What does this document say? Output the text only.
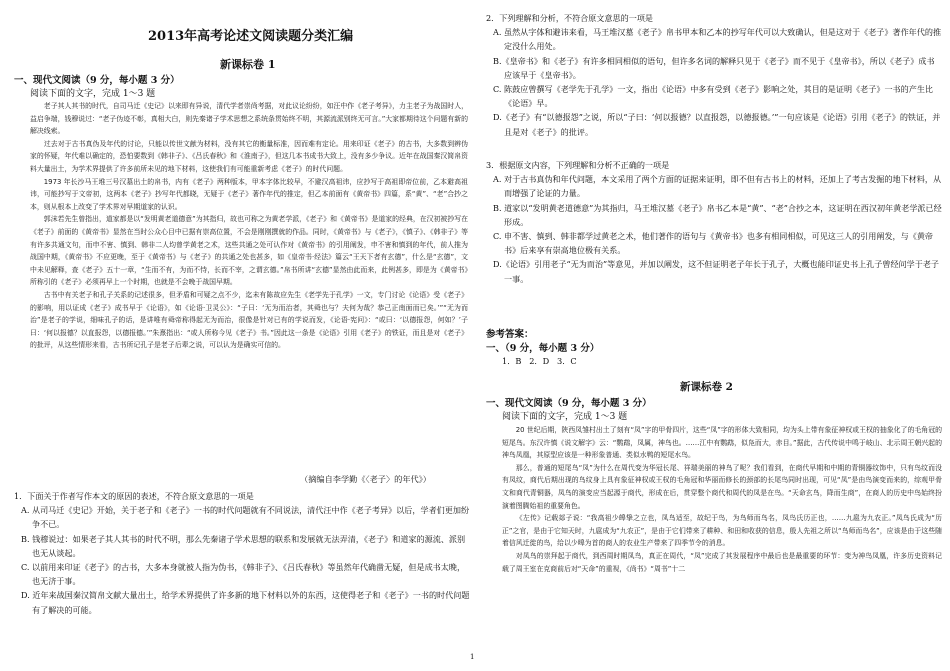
2013年高考论述文阅读题分类汇编
新课标卷 1
一、现代文阅读（9 分，每小题 3 分）
阅读下面的文字，完成 1～3 题

老子其人其书的时代，自司马迁《史记》以来即有异说，清代学者崇尚考据，对此议论纷纷，如汪中作《老子考异》，力主老子为战国时人，益启争端，钱穆说过：“老子伪迹不彰，真相大白，则先秦诸子学术思想之系统条贯始终不明，其源流派别终无可言。”大家都期待这个问题有新的解决线索。

过去对于古书真伪及年代的讨论，只能以传世文献为材料，没有其它的衡量标准，因而难有定论。用来印证《老子》的古书，大多数到辨伪家的怀疑，年代难以确定的，恐怕要数到《韩非子》、《吕氏春秋》和《淮南子》，但这几本书成书大致上，没有多少争议。近年在战国秦汉简帛资料大量出土，为学术界提供了许多前所未见的地下材料，这使我们有可能重新考虑《老子》的时代问题。

1973 年长沙马王堆三号汉墓出土的帛书，内有《老子》两种版本，甲本字体比较早，不避汉高祖讳，应抄写于高祖即帝位前，乙本避高祖讳，可能抄写于文帝初，这两本《老子》抄写年代都晓，无疑于《老子》著作年代的推定，但乙本前面有《黄帝书》四篇，系“黄”、“老”合抄之本，则从根本上改变了学术界对早期道家的认识。

郭沫若先生曾指出，道家都是以“发明黄老道德意”为其指归，故也可称之为黄老学派，《老子》和《黄帝书》是道家的经典，在汉初被抄写在《老子》前面的《黄帝书》显然在当时公众心目中已据有崇高位置，不会是刚刚撰就的作品。同时，《黄帝书》与《老子》，《慎子》、《韩非子》等有许多共通文句，而申不害、慎到、韩非二人均曾学黄老之术，这些共通之处可认作对《黄帝书》的引用阐发，申不害和慎到的年代，前人推为战国中期，《黄帝书》不应更晚，至于《黄帝书》与《老子》的共通之处也甚多，如《皇帝书·经法》篇云“王天下者有玄德”，什么是“玄德”，文中未见解释，查《老子》五十一章，“生而不有，为而不恃，长而不宰，之谓玄德。”帛书所讲“玄德”显然由此而来，此例甚多，即是为《黄帝书》所称引的《老子》必须再早上一个时期，也就是不会晚于战国早期。

古书中有关老子和孔子关系的记述很多，但矛盾和可疑之点不少，迄未有陈故应先生《老学先于孔学》一文，专门讨论《论语》受《老子》的影响，用以证成《老子》成书早于《论语》，如《论语·卫灵公》：“子曰：‘无为而治者，其舜也与？夫何为哉？恭己正南面而已矣。’”“无为而治”是老子的学说，细味孔子的话，是讲唯有舜帝称得起无为而治，很像是针对已有的学说而发，《论语·宪问》：“或曰：‘以德报怨，何如？’子曰：‘何以报德？以直报怨，以德报德。’”朱熹指出：“或人所称今见《老子》书。”因此这一条是《论语》引用《老子》的铁证，而且是对《老子》的批评，从这些情形来看，古书所记孔子是老子后辈之说，可以认为是确实可信的。

（摘编自李学勤《〈老子〉的年代》）

1．下面关于作者写作本文的原因的表述，不符合原文意思的一项是

A. 从司马迁《史记》开始，关于老子和《老子》一书的时代问题就有不同说法，清代汪中作《老子考异》以后，学者们更加纷争不已。

B. 钱穆说过：如果老子其人其书的时代不明，那么先秦诸子学术思想的联系和发展就无法弄清，《老子》和道家的源流、派别也无从谈起。

C. 以前用来印证《老子》的古书，大多本身就被人指为伪书，《韩非子》、《吕氏春秋》等虽然年代确凿无疑，但是成书太晚，也无济于事。

D. 近年来战国秦汉简帛文献大量出土，给学术界提供了许多新的地下材料以外的东西，这使得老子和《老子》一书的时代问题有了解决的可能。

2．下列理解和分析，不符合原文意思的一项是

A. 虽然从字体和避讳来看，马王堆汉墓《老子》帛书甲本和乙本的抄写年代可以大致确认，但是这对于《老子》著作年代的推定没什么用处。

B.《皇帝书》和《老子》有许多相同相似的语句，但许多名词的解释只见于《老子》而不见于《皇帝书》，所以《老子》成书应该早于《皇帝书》。

C. 陈鼓应曾撰写《老学先于孔学》一文，指出《论语》中多有受到《老子》影响之处，其目的是证明《老子》一书的产生比《论语》早。

D.《老子》有“以德报怨”之说，所以“子曰：‘何以报德？以直报怨，以德报德。’”一句应该是《论语》引用《老子》的铁证，并且是对《老子》的批评。

3．根据原文内容，下列理解和分析不正确的一项是

A. 对于古书真伪和年代问题，本文采用了两个方面的证据来证明，即不但有古书上的材料，还加上了考古发掘的地下材料，从而增强了论证的力量。

B. 道家以“发明黄老道德意”为其指归，马王堆汉墓《老子》帛书乙本是“黄”、“老”合抄之本，这证明在西汉初年黄老学派已经形成。

C. 申不害、慎到、韩非都学过黄老之术，他们著作的语句与《黄帝书》也多有相同相似，可见这三人的引用阐发，与《黄帝书》后来享有崇高地位极有关系。

D.《论语》引用老子“无为而治”等意见，并加以阐发，这不但证明老子年长于孔子，大概也能印证史书上孔子曾经问学于老子一事。

参考答案：
一、（9 分，每小题 3 分）
1．B   2．D   3．C
新课标卷 2
一、现代文阅读（9 分，每小题 3 分）
阅读下面的文字，完成 1～3 题

20 世纪后期，陕西凤雏村出土了刻有“凤”字的甲骨四片，这些“凤”字的形体大致相同，均为头上带有象征神权或王权的抽象化了的毛角冠的短尾鸟。东汉许慎《说文解字》云：“鹦鹉，凤属，神鸟也。……江中有鹦鹉，似凫而大，赤目。”据此，古代传说中鸣于岐山、北示周王朝兴起的神鸟凤凰，其原型应该是一种形象普通、类似水鸭的短尾水鸟。

那么，普通的短尾鸟“凤”为什么在周代变为华冠长尾、祥瑞美丽的神鸟了呢？我们看到，在商代早期和中期的青铜器纹饰中，只有鸟纹而没有凤纹，商代后期出现的鸟纹身上具有象征神权或王权的毛角冠和华丽而修长的颈部的长尾鸟同时出现，可见“凤”是由鸟演变而来的，综观甲骨文和商代青铜器，凤鸟的演变应当起源于商代，形成在后，贯穿整个商代和周代的凤是在鸟。“天命玄鸟，降而生商”，在商人的历史中鸟始终扮演着图腾始祖的重要角色。

《左传》记载郯子说：“我高祖少皞挚之立也，凤鸟适至，故纪于鸟，为鸟师而鸟名，凤鸟氏历正也，……九扈为九农正。”凤鸟氏成为“历正”之官，是由于它知天时，九扈成为“九农正”，是由于它们带来了耕种、和田和收获的信息，殷人先祖之所以“鸟师而鸟名”，应该是由于这些随着信风迁徙的鸟，给以少暤为首的商人的农业生产带来了四季节令的消息。

对凤鸟的崇拜起于商代，到西周时期凤鸟，真正在周代，“凤”完成了其发展程序中最后也是最重要的环节：变为神鸟凤凰，许多历史资料记载了周王室在克商前后对“天命”的重视，《尚书》“周书”十二

1
